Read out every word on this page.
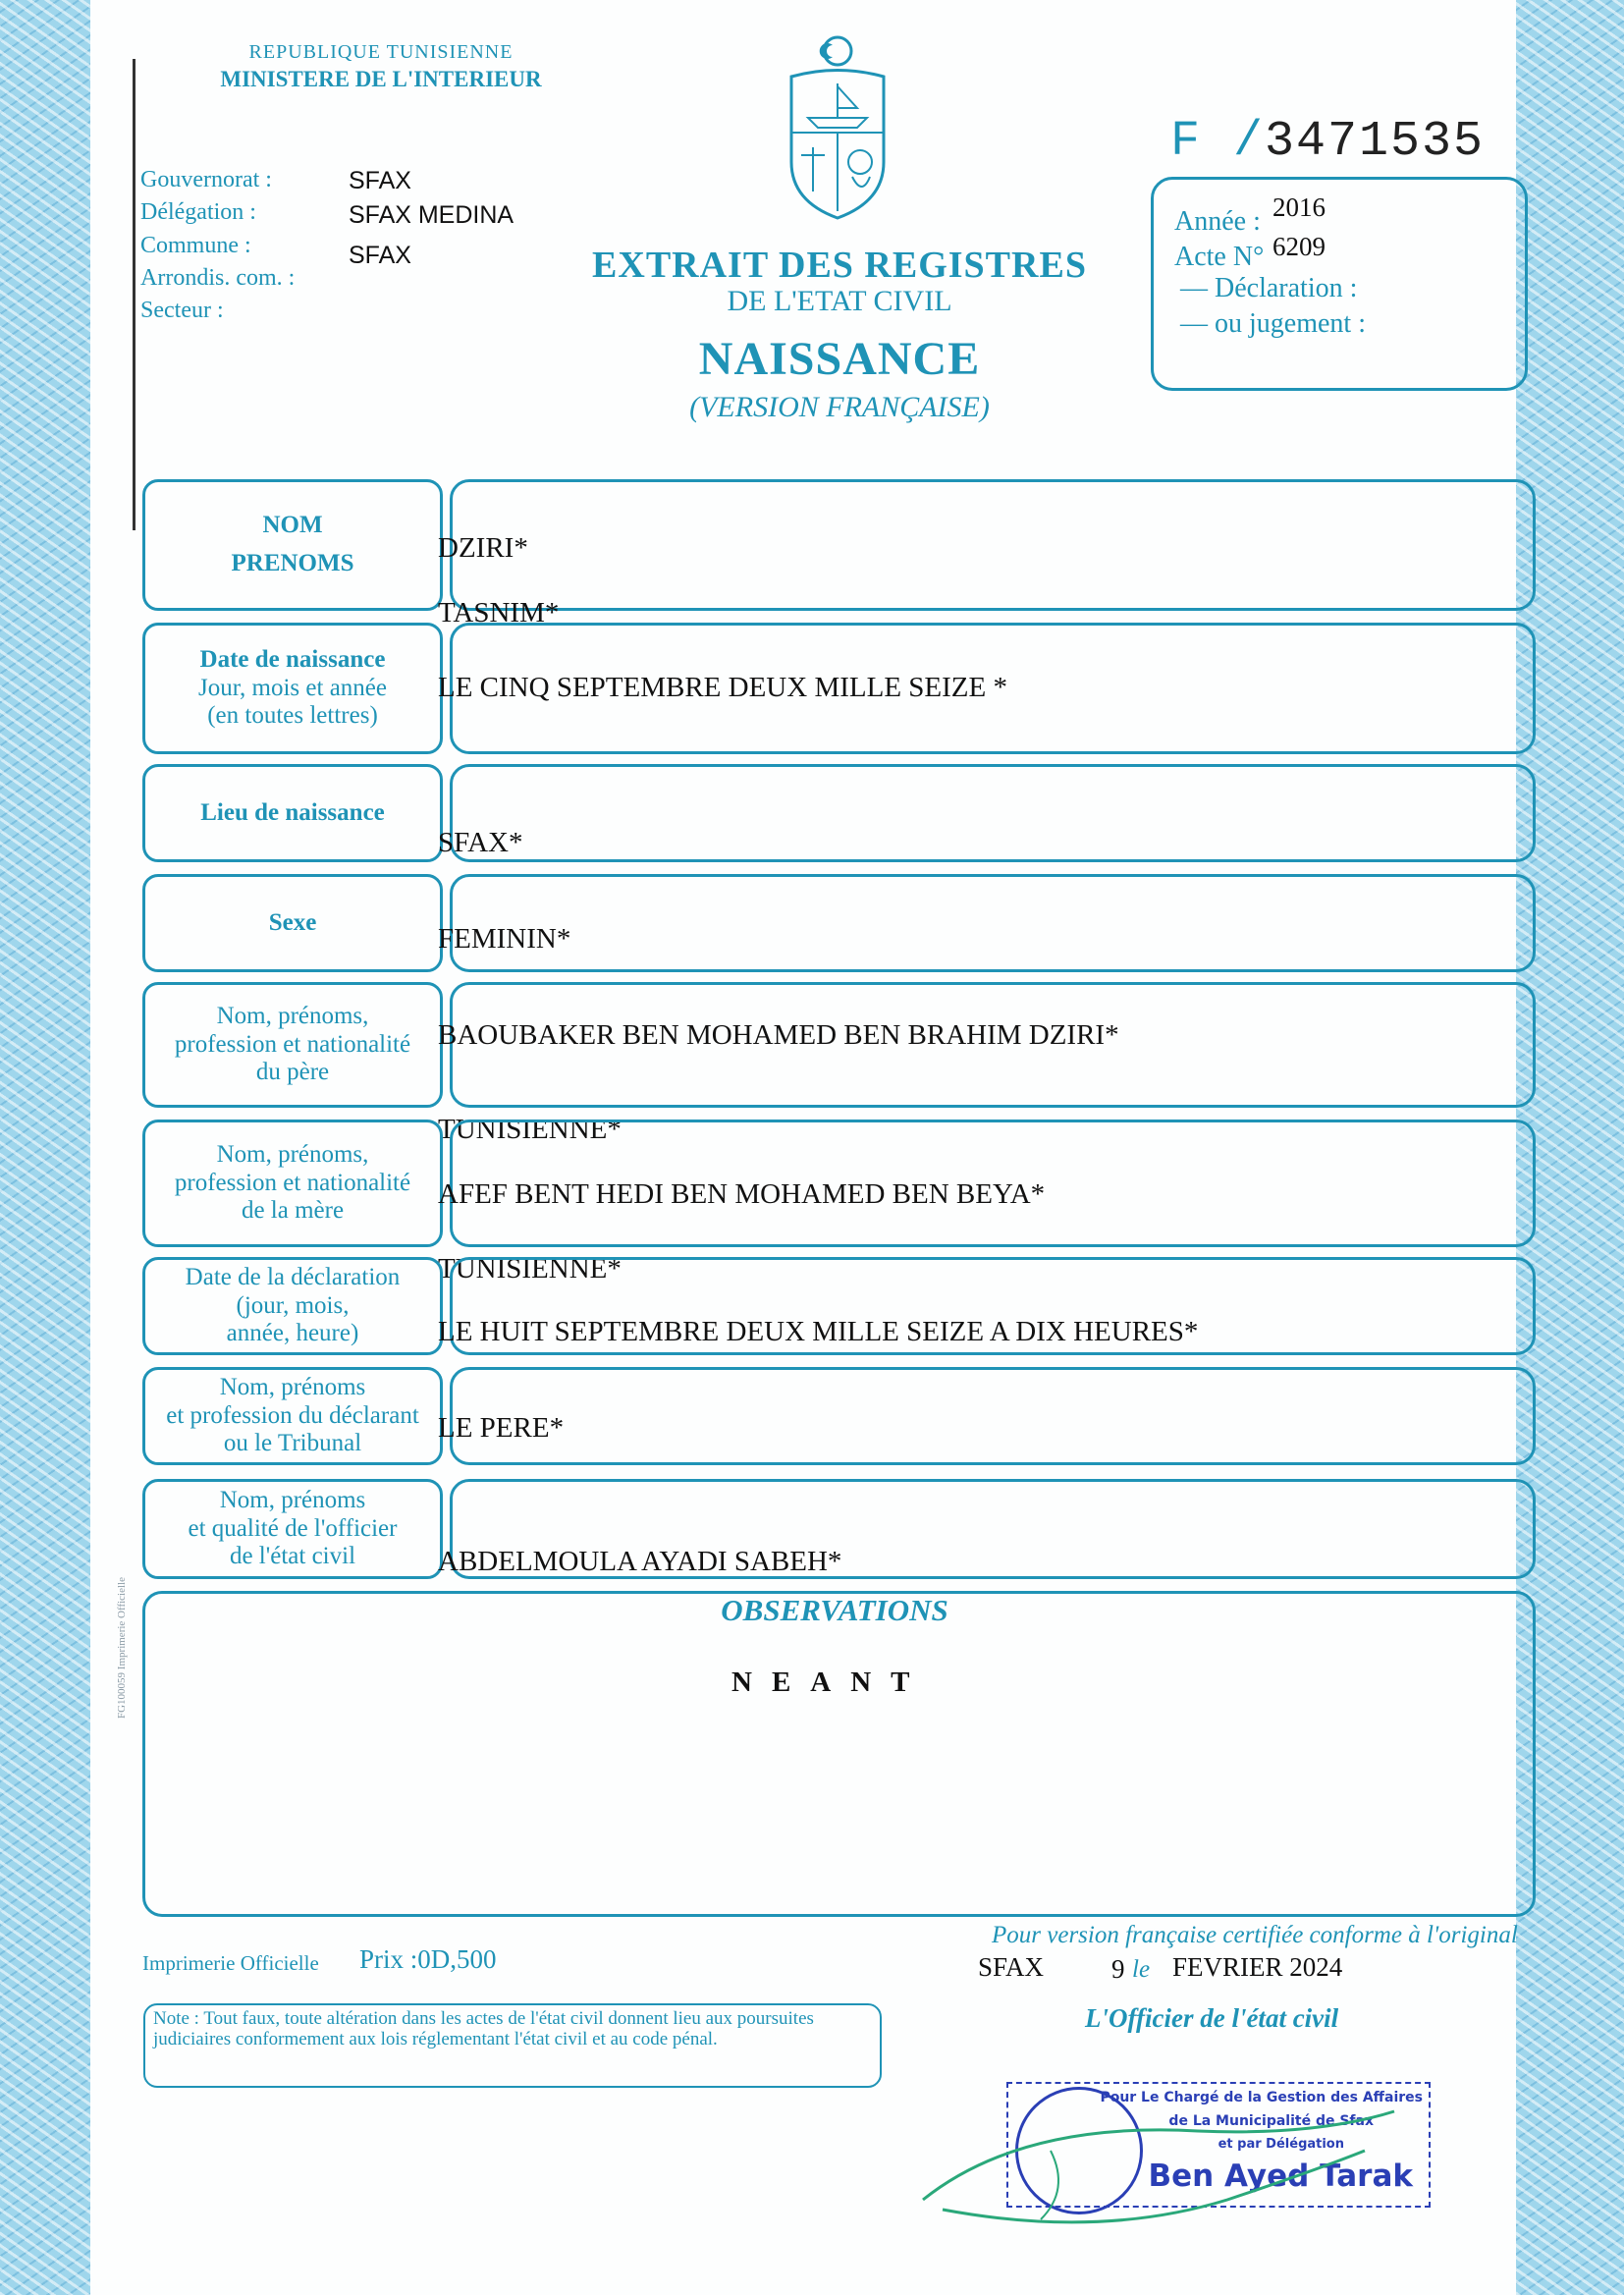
REPUBLIQUE TUNISIENNE
MINISTERE DE L'INTERIEUR
Gouvernorat :	SFAX
Délégation :	SFAX MEDINA
Commune :	SFAX
Arrondis. com. :
Secteur :
EXTRAIT DES REGISTRES
DE L'ETAT CIVIL
NAISSANCE
(VERSION FRANÇAISE)
F /3471535
Année : 2016
Acte N° 6209
— Déclaration :
— ou jugement :
NOM
PRENOMS	DZIRI*
TASNIM*
Date de naissance
Jour, mois et année
(en toutes lettres)
LE CINQ SEPTEMBRE DEUX MILLE SEIZE *
Lieu de naissance
SFAX*
Sexe
FEMININ*
Nom, prénoms,
profession et nationalité
du père
BAOUBAKER BEN MOHAMED BEN BRAHIM DZIRI*
TUNISIENNE*
Nom, prénoms,
profession et nationalité
de la mère
AFEF BENT HEDI BEN MOHAMED BEN BEYA*
TUNISIENNE*
Date de la déclaration
(jour, mois,
année, heure)	LE HUIT SEPTEMBRE DEUX MILLE SEIZE A DIX HEURES*
Nom, prénoms
et profession du déclarant
ou le Tribunal	LE PERE*
Nom, prénoms
et qualité de l'officier
de l'état civil	ABDELMOULA AYADI SABEH*
OBSERVATIONS
NEANT
FG100059 Imprimerie Officielle
Imprimerie Officielle Prix :0D,500
Note : Tout faux, toute altération dans les actes de l'état civil donnent lieu aux poursuites judiciaires conformement aux lois réglementant l'état civil et au code pénal.
Pour version française certifiée conforme à l'original
SFAX	9 le FEVRIER 2024
L'Officier de l'état civil
Pour Le Chargé de la Gestion des Affaires
de La Municipalité de Sfax
et par Délégation
Ben Ayed Tarak
